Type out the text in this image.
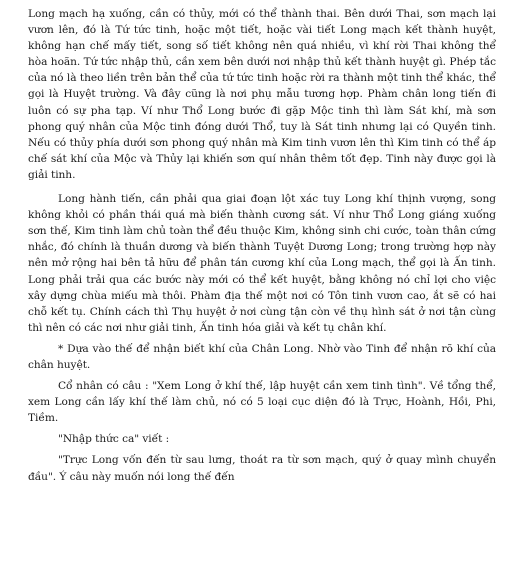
Long mạch hạ xuống, cần có thủy, mới có thể thành thai. Bên dưới Thai, sơn mạch lại vươn lên, đó là Tứ tức tinh, hoặc một tiết, hoặc vài tiết Long mạch kết thành huyệt, không hạn chế mấy tiết, song số tiết không nên quá nhiều, vì khí rời Thai không thể hòa hoãn. Tứ tức nhập thủ, cần xem bên dưới nơi nhập thủ kết thành huyệt gì. Phép tắc của nó là theo liền trên bản thể của tứ tức tinh hoặc rời ra thành một tinh thể khác, thể gọi là Huyệt trường. Và đây cũng là nơi phụ mẫu tương hợp. Phàm chân long tiến đi luôn có sự pha tạp. Ví như Thổ Long bước đi gặp Mộc tinh thì làm Sát khí, mà sơn phong quý nhân của Mộc tinh đóng dưới Thổ, tuy là Sát tinh nhưng lại có Quyền tinh. Nếu có thủy phía dưới sơn phong quý nhân mà Kim tinh vươn lên thì Kim tinh có thể áp chế sát khí của Mộc và Thủy lại khiến sơn quí nhân thêm tốt đẹp. Tinh này được gọi là giải tinh.

Long hành tiến, cần phải qua giai đoạn lột xác tuy Long khí thịnh vượng, song không khỏi có phần thái quá mà biến thành cương sát. Ví như Thổ Long giáng xuống sơn thế, Kim tinh làm chủ toàn thể đều thuộc Kim, không sinh chi cước, toàn thân cứng nhắc, đó chính là thuần dương và biến thành Tuyệt Dương Long; trong trường hợp này nên mở rộng hai bên tả hữu để phân tán cương khí của Long mạch, thể gọi là Ấn tinh. Long phải trải qua các bước này mới có thể kết huyệt, bằng không nó chỉ lợi cho việc xây dựng chùa miếu mà thôi. Phàm địa thế một nơi có Tôn tinh vươn cao, ắt sẽ có hai chỗ kết tụ. Chính cách thì Thụ huyệt ở nơi cùng tận còn về thụ hình sát ở nơi tận cùng thì nên có các nơi như giải tinh, Ấn tinh hóa giải và kết tụ chân khí.

* Dựa vào thế để nhận biết khí của Chân Long. Nhờ vào Tinh để nhận rõ khí của chân huyệt.

Cổ nhân có câu : "Xem Long ở khí thế, lập huyệt cần xem tinh tình". Về tổng thể, xem Long cần lấy khí thế làm chủ, nó có 5 loại cục diện đó là Trực, Hoành, Hồi, Phi, Tiềm.

"Nhập thức ca" viết :

"Trực Long vốn đến từ sau lưng, thoát ra từ sơn mạch, quý ở quay mình chuyển đầu". Ý câu này muốn nói long thế đến
